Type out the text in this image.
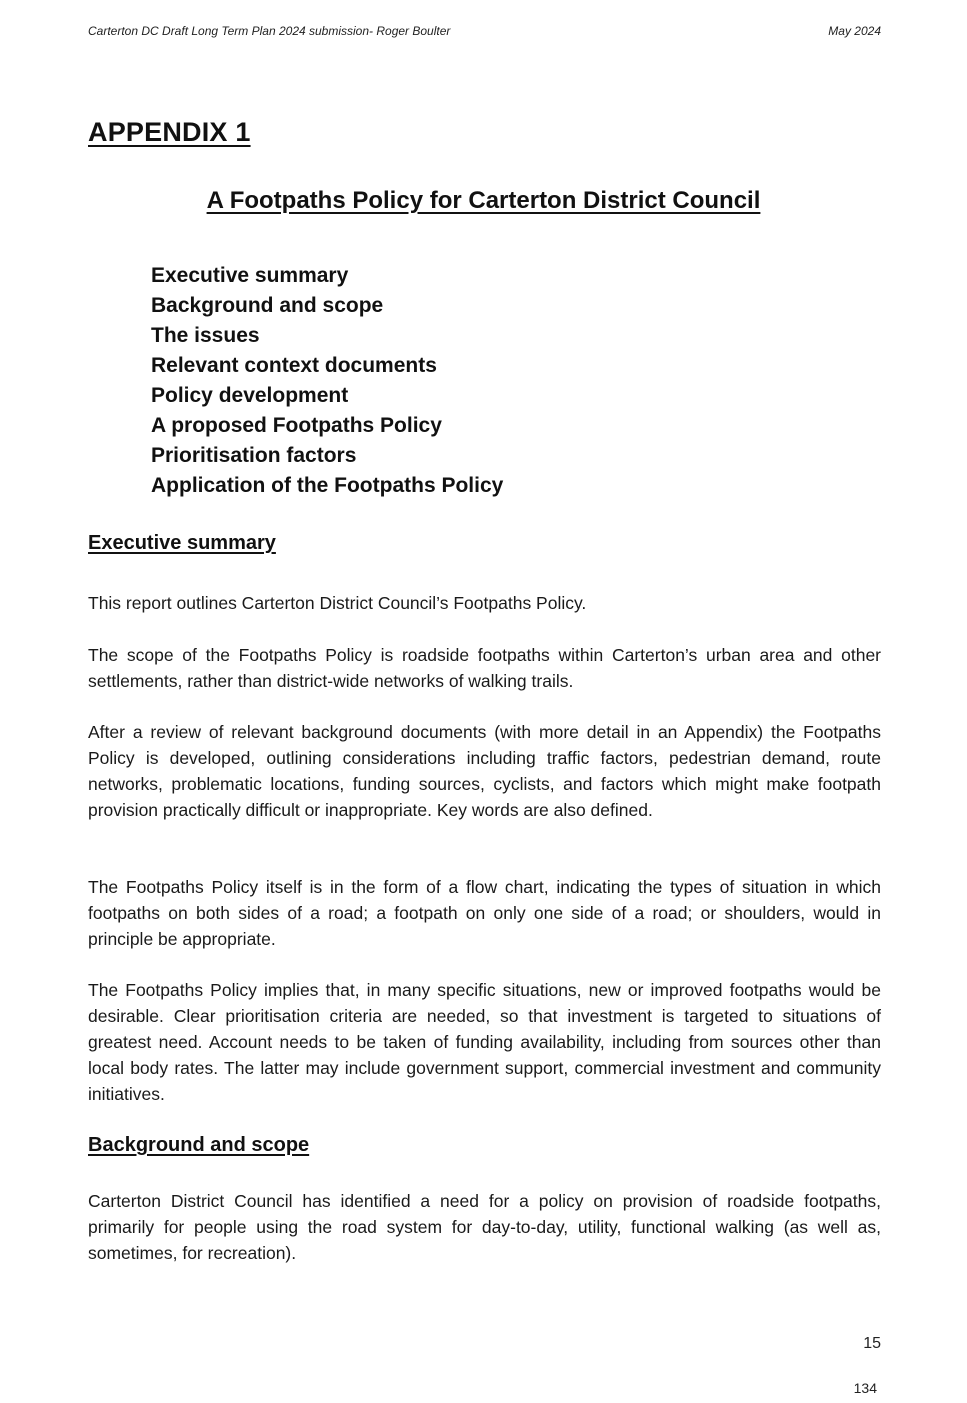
Carterton DC Draft Long Term Plan 2024 submission- Roger Boulter	May 2024
APPENDIX 1
A Footpaths Policy for Carterton District Council
Executive summary
Background and scope
The issues
Relevant context documents
Policy development
A proposed Footpaths Policy
Prioritisation factors
Application of the Footpaths Policy
Executive summary

This report outlines Carterton District Council’s Footpaths Policy.

The scope of the Footpaths Policy is roadside footpaths within Carterton’s urban area and other settlements, rather than district-wide networks of walking trails.

After a review of relevant background documents (with more detail in an Appendix) the Footpaths Policy is developed, outlining considerations including traffic factors, pedestrian demand, route networks, problematic locations, funding sources, cyclists, and factors which might make footpath provision practically difficult or inappropriate. Key words are also defined.

The Footpaths Policy itself is in the form of a flow chart, indicating the types of situation in which footpaths on both sides of a road; a footpath on only one side of a road; or shoulders, would in principle be appropriate.

The Footpaths Policy implies that, in many specific situations, new or improved footpaths would be desirable. Clear prioritisation criteria are needed, so that investment is targeted to situations of greatest need. Account needs to be taken of funding availability, including from sources other than local body rates. The latter may include government support, commercial investment and community initiatives.

Background and scope

Carterton District Council has identified a need for a policy on provision of roadside footpaths, primarily for people using the road system for day-to-day, utility, functional walking (as well as, sometimes, for recreation).

15
134
